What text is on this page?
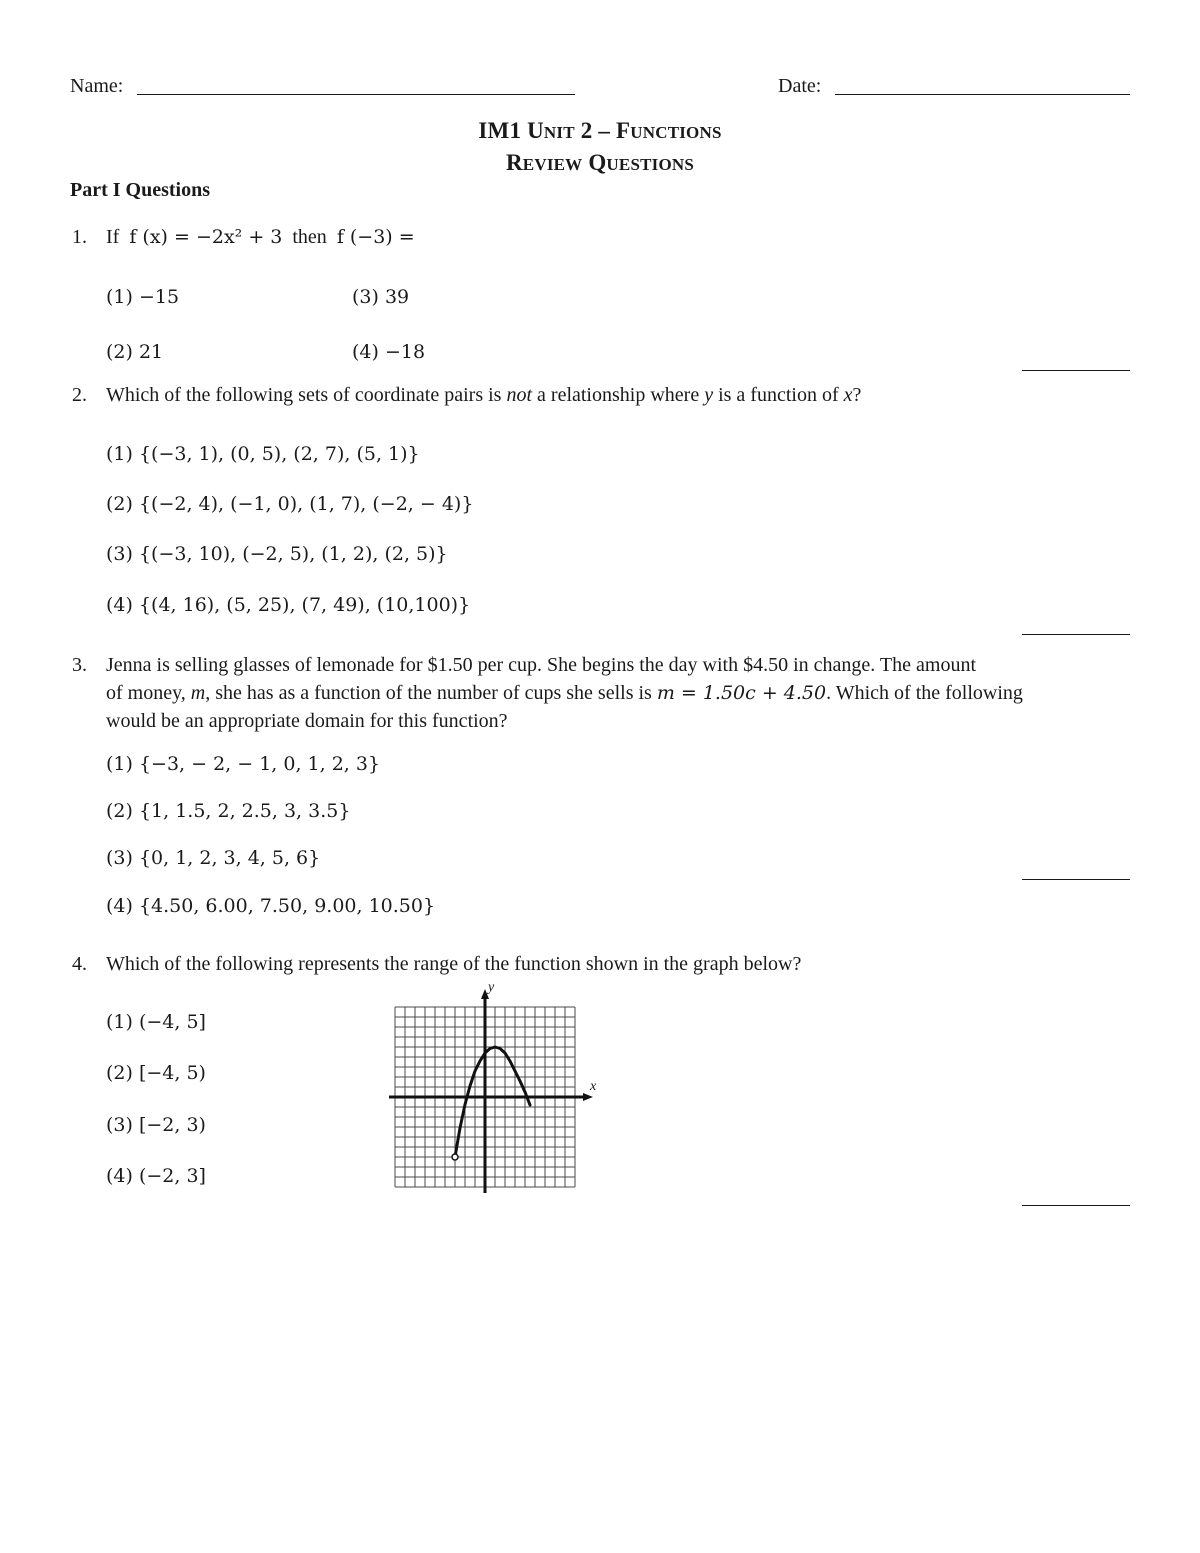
Name:	Date:
IM1 UNIT 2 – FUNCTIONS
REVIEW QUESTIONS
Part I Questions
1. If f (x) = −2x² + 3 then f (−3) =
(1) −15	(3) 39
(2) 21	(4) −18
2. Which of the following sets of coordinate pairs is not a relationship where y is a function of x?
(1) {(−3, 1), (0, 5), (2, 7), (5, 1)}
(2) {(−2, 4), (−1, 0), (1, 7), (−2, − 4)}
(3) {(−3, 10), (−2, 5), (1, 2), (2, 5)}
(4) {(4, 16), (5, 25), (7, 49), (10,100)}
3. Jenna is selling glasses of lemonade for $1.50 per cup. She begins the day with $4.50 in change. The amount
of money, m, she has as a function of the number of cups she sells is m = 1.50c + 4.50. Which of the following
would be an appropriate domain for this function?
(1) {−3, − 2, − 1, 0, 1, 2, 3}
(2) {1, 1.5, 2, 2.5, 3, 3.5}
(3) {0, 1, 2, 3, 4, 5, 6}
(4) {4.50, 6.00, 7.50, 9.00, 10.50}
4. Which of the following represents the range of the function shown in the graph below?
(1) (−4, 5]
(2) [−4, 5)
(3) [−2, 3)
(4) (−2, 3]
x
y
